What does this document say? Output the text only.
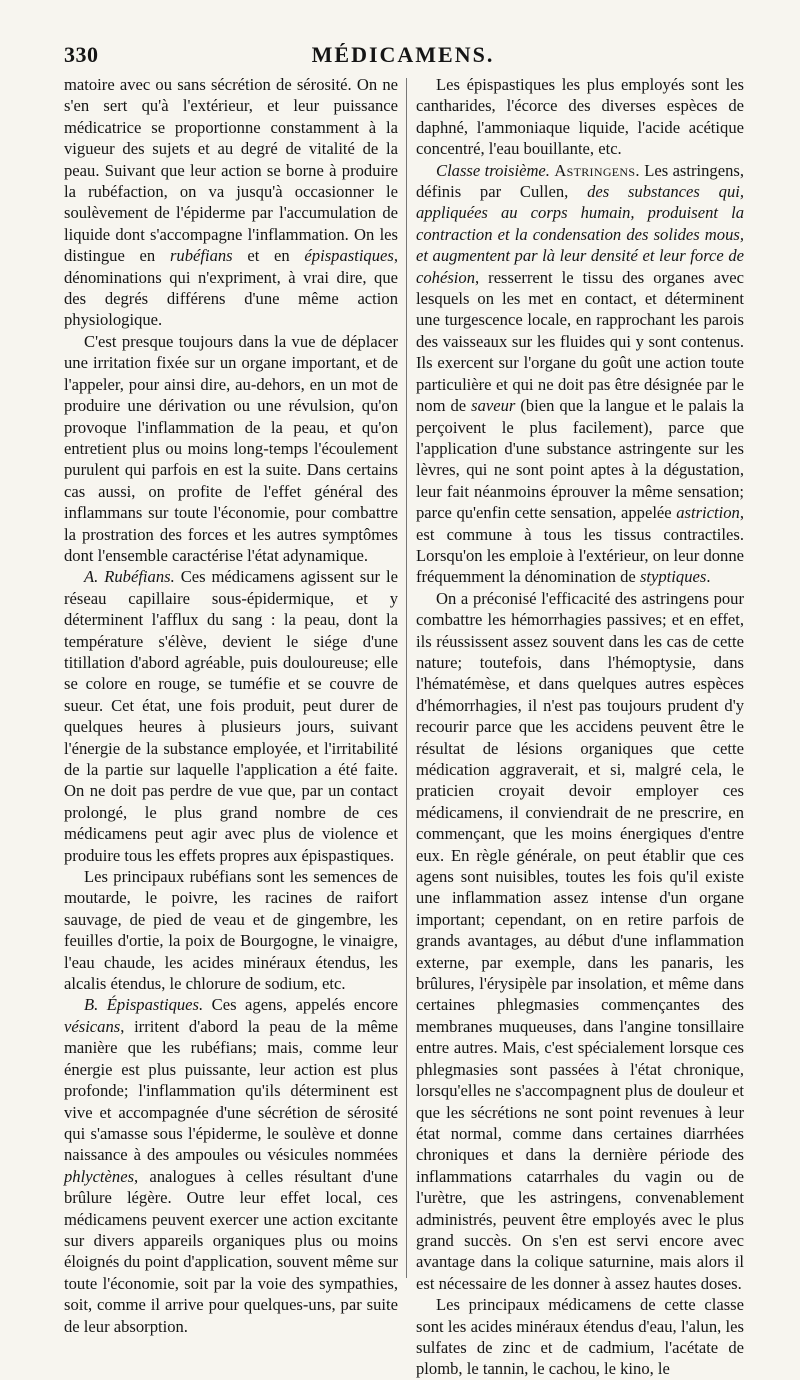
330	MÉDICAMENS.

matoire avec ou sans sécrétion de sérosité. On ne s'en sert qu'à l'extérieur, et leur puissance médicatrice se proportionne constamment à la vigueur des sujets et au degré de vitalité de la peau. Suivant que leur action se borne à produire la rubéfaction, on va jusqu'à occasionner le soulèvement de l'épiderme par l'accumulation de liquide dont s'accompagne l'inflammation. On les distingue en rubéfians et en épispastiques, dénominations qui n'expriment, à vrai dire, que des degrés différens d'une même action physiologique.

C'est presque toujours dans la vue de déplacer une irritation fixée sur un organe important, et de l'appeler, pour ainsi dire, au-dehors, en un mot de produire une dérivation ou une révulsion, qu'on provoque l'inflammation de la peau, et qu'on entretient plus ou moins long-temps l'écoulement purulent qui parfois en est la suite. Dans certains cas aussi, on profite de l'effet général des inflammans sur toute l'économie, pour combattre la prostration des forces et les autres symptômes dont l'ensemble caractérise l'état adynamique.

A. Rubéfians. Ces médicamens agissent sur le réseau capillaire sous-épidermique, et y déterminent l'afflux du sang : la peau, dont la température s'élève, devient le siége d'une titillation d'abord agréable, puis douloureuse; elle se colore en rouge, se tuméfie et se couvre de sueur. Cet état, une fois produit, peut durer de quelques heures à plusieurs jours, suivant l'énergie de la substance employée, et l'irritabilité de la partie sur laquelle l'application a été faite. On ne doit pas perdre de vue que, par un contact prolongé, le plus grand nombre de ces médicamens peut agir avec plus de violence et produire tous les effets propres aux épispastiques.

Les principaux rubéfians sont les semences de moutarde, le poivre, les racines de raifort sauvage, de pied de veau et de gingembre, les feuilles d'ortie, la poix de Bourgogne, le vinaigre, l'eau chaude, les acides minéraux étendus, les alcalis étendus, le chlorure de sodium, etc.

B. Épispastiques. Ces agens, appelés encore vésicans, irritent d'abord la peau de la même manière que les rubéfians; mais, comme leur énergie est plus puissante, leur action est plus profonde; l'inflammation qu'ils déterminent est vive et accompagnée d'une sécrétion de sérosité qui s'amasse sous l'épiderme, le soulève et donne naissance à des ampoules ou vésicules nommées phlyctènes, analogues à celles résultant d'une brûlure légère. Outre leur effet local, ces médicamens peuvent exercer une action excitante sur divers appareils organiques plus ou moins éloignés du point d'application, souvent même sur toute l'économie, soit par la voie des sympathies, soit, comme il arrive pour quelques-uns, par suite de leur absorption.

Les épispastiques les plus employés sont les cantharides, l'écorce des diverses espèces de daphné, l'ammoniaque liquide, l'acide acétique concentré, l'eau bouillante, etc.

Classe troisième. Astringens. Les astringens, définis par Cullen, des substances qui, appliquées au corps humain, produisent la contraction et la condensation des solides mous, et augmentent par là leur densité et leur force de cohésion, resserrent le tissu des organes avec lesquels on les met en contact, et déterminent une turgescence locale, en rapprochant les parois des vaisseaux sur les fluides qui y sont contenus. Ils exercent sur l'organe du goût une action toute particulière et qui ne doit pas être désignée par le nom de saveur (bien que la langue et le palais la perçoivent le plus facilement), parce que l'application d'une substance astringente sur les lèvres, qui ne sont point aptes à la dégustation, leur fait néanmoins éprouver la même sensation; parce qu'enfin cette sensation, appelée astriction, est commune à tous les tissus contractiles. Lorsqu'on les emploie à l'extérieur, on leur donne fréquemment la dénomination de styptiques.

On a préconisé l'efficacité des astringens pour combattre les hémorrhagies passives; et en effet, ils réussissent assez souvent dans les cas de cette nature; toutefois, dans l'hémoptysie, dans l'hématémèse, et dans quelques autres espèces d'hémorrhagies, il n'est pas toujours prudent d'y recourir parce que les accidens peuvent être le résultat de lésions organiques que cette médication aggraverait, et si, malgré cela, le praticien croyait devoir employer ces médicamens, il conviendrait de ne prescrire, en commençant, que les moins énergiques d'entre eux. En règle générale, on peut établir que ces agens sont nuisibles, toutes les fois qu'il existe une inflammation assez intense d'un organe important; cependant, on en retire parfois de grands avantages, au début d'une inflammation externe, par exemple, dans les panaris, les brûlures, l'érysipèle par insolation, et même dans certaines phlegmasies commençantes des membranes muqueuses, dans l'angine tonsillaire entre autres. Mais, c'est spécialement lorsque ces phlegmasies sont passées à l'état chronique, lorsqu'elles ne s'accompagnent plus de douleur et que les sécrétions ne sont point revenues à leur état normal, comme dans certaines diarrhées chroniques et dans la dernière période des inflammations catarrhales du vagin ou de l'urètre, que les astringens, convenablement administrés, peuvent être employés avec le plus grand succès. On s'en est servi encore avec avantage dans la colique saturnine, mais alors il est nécessaire de les donner à assez hautes doses.

Les principaux médicamens de cette classe sont les acides minéraux étendus d'eau, l'alun, les sulfates de zinc et de cadmium, l'acétate de plomb, le tannin, le cachou, le kino, le
